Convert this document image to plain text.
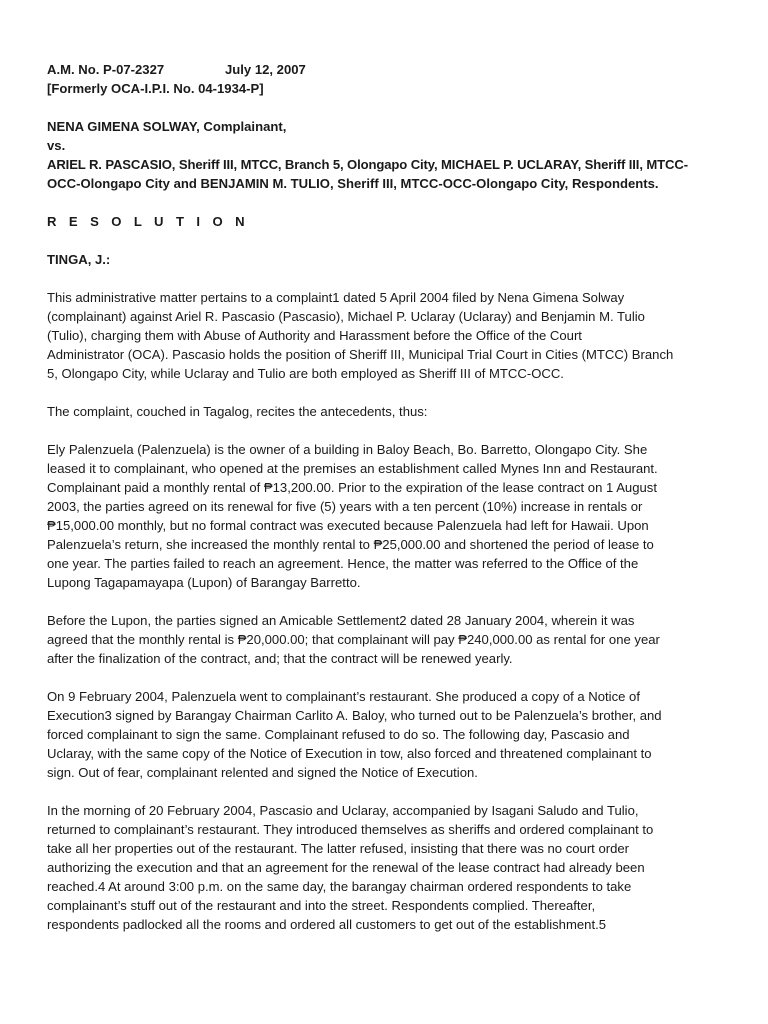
A.M. No. P-07-2327	July 12, 2007
[Formerly OCA-I.P.I. No. 04-1934-P]
NENA GIMENA SOLWAY, Complainant,
vs.
ARIEL R. PASCASIO, Sheriff III, MTCC, Branch 5, Olongapo City, MICHAEL P. UCLARAY, Sheriff III, MTCC-
OCC-Olongapo City and BENJAMIN M. TULIO, Sheriff III, MTCC-OCC-Olongapo City, Respondents.
R E S O L U T I O N
TINGA, J.:
This administrative matter pertains to a complaint1 dated 5 April 2004 filed by Nena Gimena Solway
(complainant) against Ariel R. Pascasio (Pascasio), Michael P. Uclaray (Uclaray) and Benjamin M. Tulio
(Tulio), charging them with Abuse of Authority and Harassment before the Office of the Court
Administrator (OCA). Pascasio holds the position of Sheriff III, Municipal Trial Court in Cities (MTCC) Branch
5, Olongapo City, while Uclaray and Tulio are both employed as Sheriff III of MTCC-OCC.
The complaint, couched in Tagalog, recites the antecedents, thus:
Ely Palenzuela (Palenzuela) is the owner of a building in Baloy Beach, Bo. Barretto, Olongapo City. She
leased it to complainant, who opened at the premises an establishment called Mynes Inn and Restaurant.
Complainant paid a monthly rental of ₱13,200.00. Prior to the expiration of the lease contract on 1 August
2003, the parties agreed on its renewal for five (5) years with a ten percent (10%) increase in rentals or
₱15,000.00 monthly, but no formal contract was executed because Palenzuela had left for Hawaii. Upon
Palenzuela’s return, she increased the monthly rental to ₱25,000.00 and shortened the period of lease to
one year. The parties failed to reach an agreement. Hence, the matter was referred to the Office of the
Lupong Tagapamayapa (Lupon) of Barangay Barretto.
Before the Lupon, the parties signed an Amicable Settlement2 dated 28 January 2004, wherein it was
agreed that the monthly rental is ₱20,000.00; that complainant will pay ₱240,000.00 as rental for one year
after the finalization of the contract, and; that the contract will be renewed yearly.
On 9 February 2004, Palenzuela went to complainant’s restaurant. She produced a copy of a Notice of
Execution3 signed by Barangay Chairman Carlito A. Baloy, who turned out to be Palenzuela’s brother, and
forced complainant to sign the same. Complainant refused to do so. The following day, Pascasio and
Uclaray, with the same copy of the Notice of Execution in tow, also forced and threatened complainant to
sign. Out of fear, complainant relented and signed the Notice of Execution.
In the morning of 20 February 2004, Pascasio and Uclaray, accompanied by Isagani Saludo and Tulio,
returned to complainant’s restaurant. They introduced themselves as sheriffs and ordered complainant to
take all her properties out of the restaurant. The latter refused, insisting that there was no court order
authorizing the execution and that an agreement for the renewal of the lease contract had already been
reached.4 At around 3:00 p.m. on the same day, the barangay chairman ordered respondents to take
complainant’s stuff out of the restaurant and into the street. Respondents complied. Thereafter,
respondents padlocked all the rooms and ordered all customers to get out of the establishment.5
